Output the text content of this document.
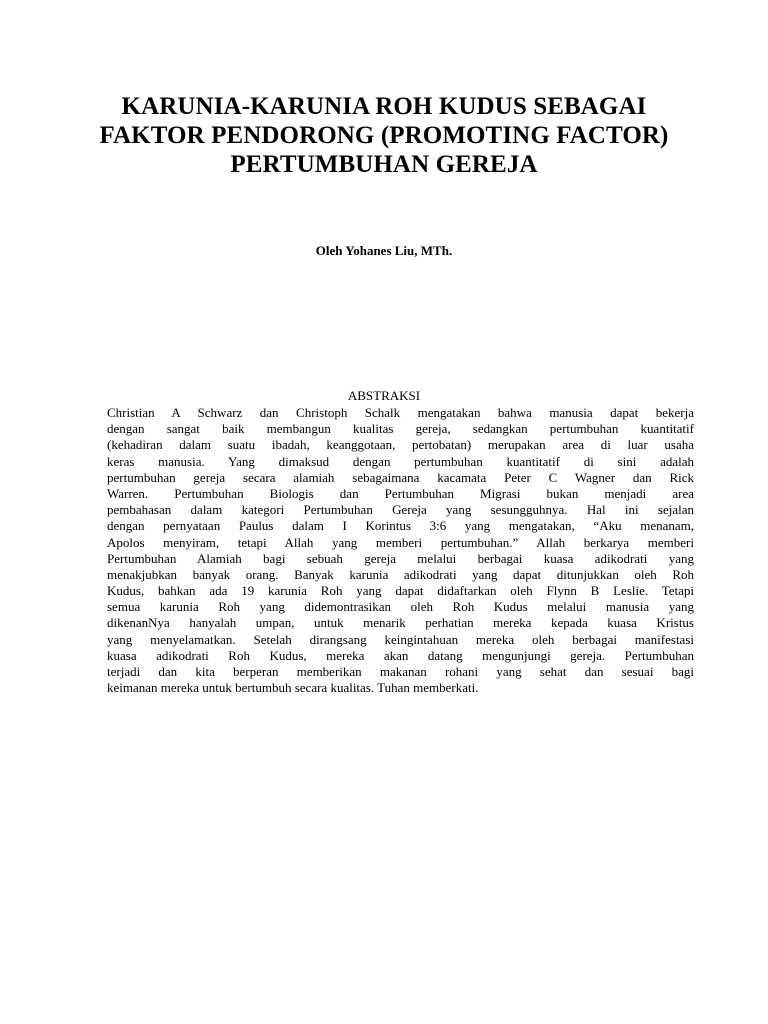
KARUNIA-KARUNIA ROH KUDUS SEBAGAI
FAKTOR PENDORONG (PROMOTING FACTOR)
PERTUMBUHAN GEREJA
Oleh Yohanes Liu, MTh.
ABSTRAKSI
Christian A Schwarz dan Christoph Schalk mengatakan bahwa manusia dapat bekerja
dengan sangat baik membangun kualitas gereja, sedangkan pertumbuhan kuantitatif
(kehadiran dalam suatu ibadah, keanggotaan, pertobatan) merupakan area di luar usaha
keras manusia. Yang dimaksud dengan pertumbuhan kuantitatif di sini adalah
pertumbuhan gereja secara alamiah sebagaimana kacamata Peter C Wagner dan Rick
Warren. Pertumbuhan Biologis dan Pertumbuhan Migrasi bukan menjadi area
pembahasan dalam kategori Pertumbuhan Gereja yang sesungguhnya. Hal ini sejalan
dengan pernyataan Paulus dalam I Korintus 3:6 yang mengatakan, “Aku menanam,
Apolos menyiram, tetapi Allah yang memberi pertumbuhan.” Allah berkarya memberi
Pertumbuhan Alamiah bagi sebuah gereja melalui berbagai kuasa adikodrati yang
menakjubkan banyak orang. Banyak karunia adikodrati yang dapat ditunjukkan oleh Roh
Kudus, bahkan ada 19 karunia Roh yang dapat didaftarkan oleh Flynn B Leslie. Tetapi
semua karunia Roh yang didemontrasikan oleh Roh Kudus melalui manusia yang
dikenanNya hanyalah umpan, untuk menarik perhatian mereka kepada kuasa Kristus
yang menyelamatkan. Setelah dirangsang keingintahuan mereka oleh berbagai manifestasi
kuasa adikodrati Roh Kudus, mereka akan datang mengunjungi gereja. Pertumbuhan
terjadi dan kita berperan memberikan makanan rohani yang sehat dan sesuai bagi
keimanan mereka untuk bertumbuh secara kualitas. Tuhan memberkati.
